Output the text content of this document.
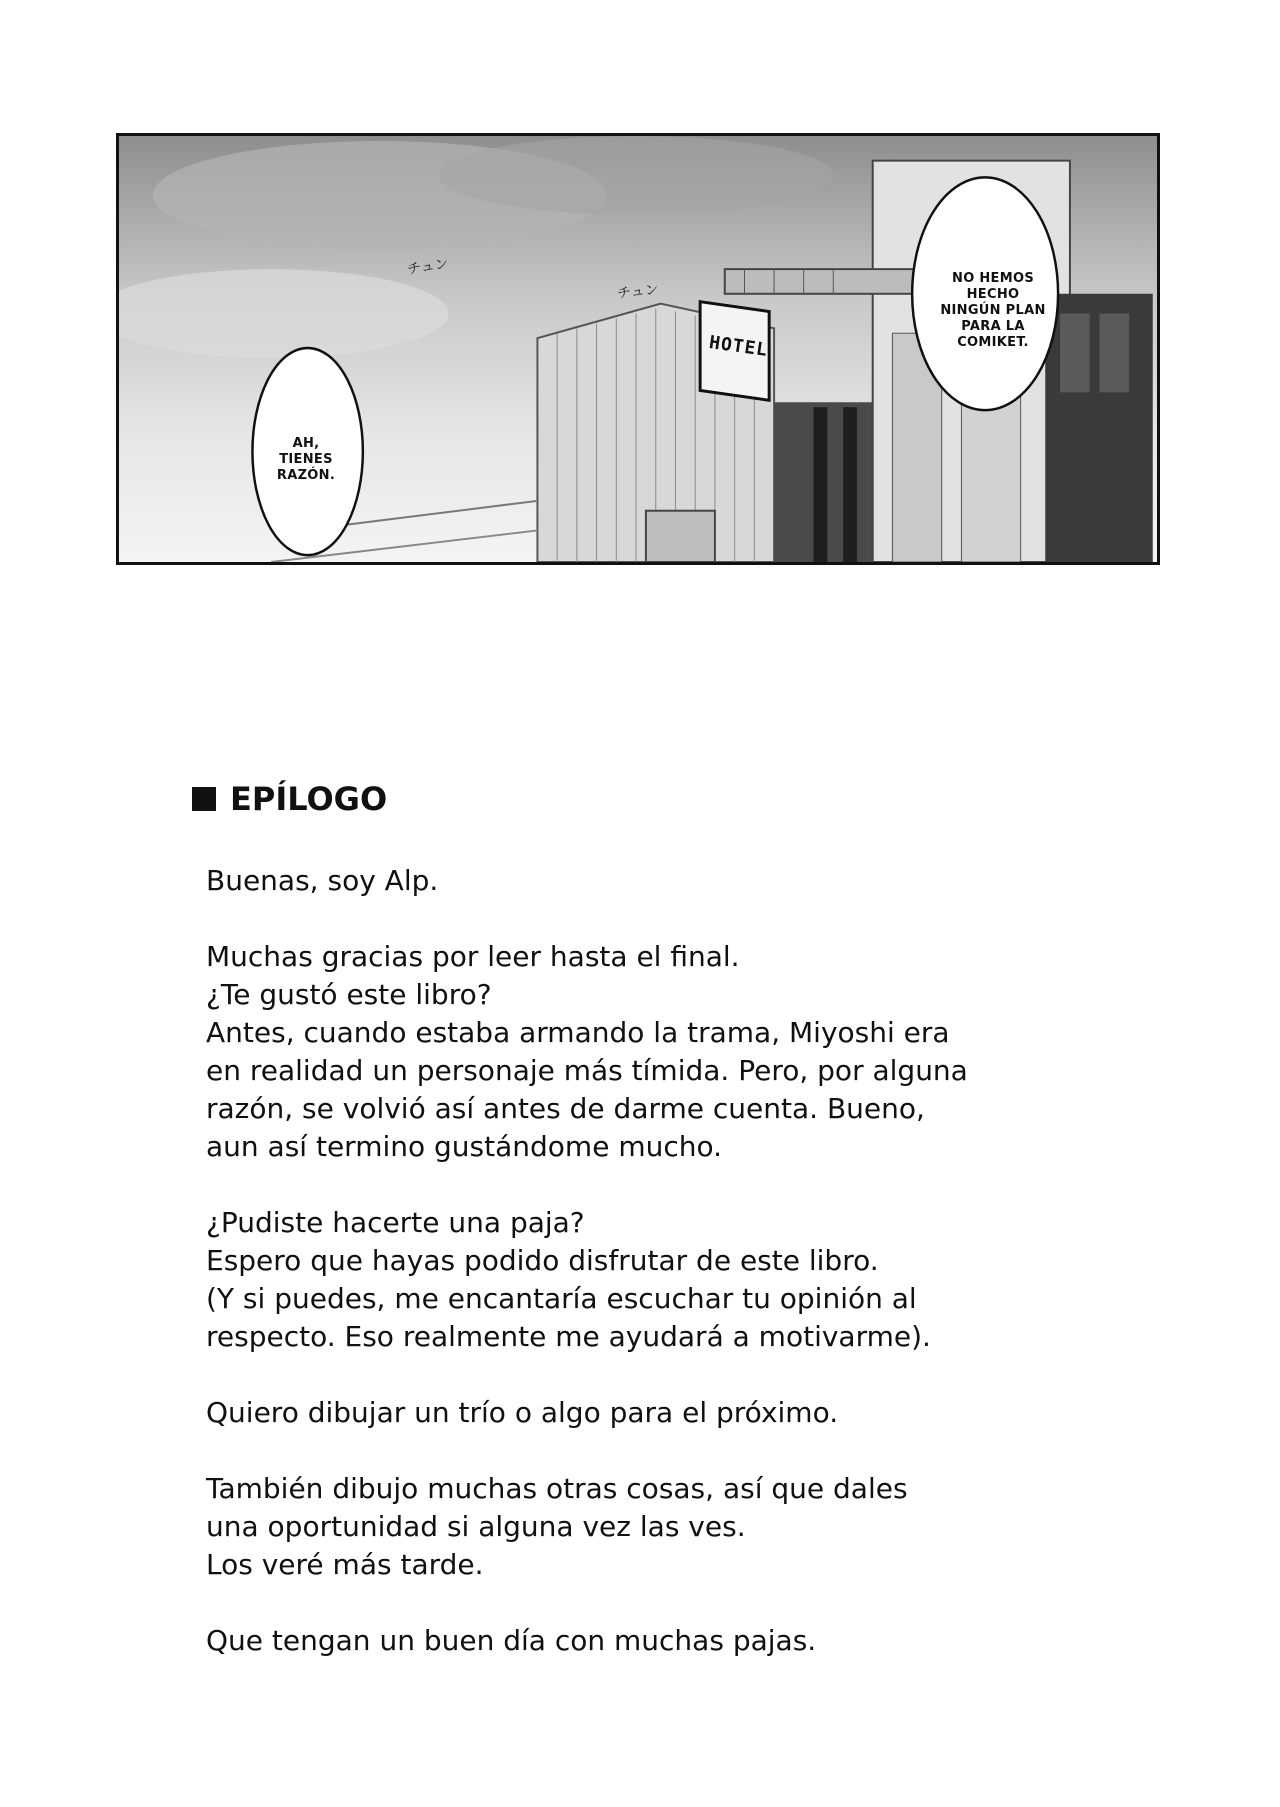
AH,
TIENES
RAZÓN.
NO HEMOS
HECHO
NINGÚN PLAN
PARA LA
COMIKET.
チュン
チュン
HOTEL
EPÍLOGO

Buenas, soy Alp.

Muchas gracias por leer hasta el final.
¿Te gustó este libro?
Antes, cuando estaba armando la trama, Miyoshi era
en realidad un personaje más tímida. Pero, por alguna
razón, se volvió así antes de darme cuenta. Bueno,
aun así termino gustándome mucho.

¿Pudiste hacerte una paja?
Espero que hayas podido disfrutar de este libro.
(Y si puedes, me encantaría escuchar tu opinión al
respecto. Eso realmente me ayudará a motivarme).

Quiero dibujar un trío o algo para el próximo.

También dibujo muchas otras cosas, así que dales
una oportunidad si alguna vez las ves.
Los veré más tarde.

Que tengan un buen día con muchas pajas.
